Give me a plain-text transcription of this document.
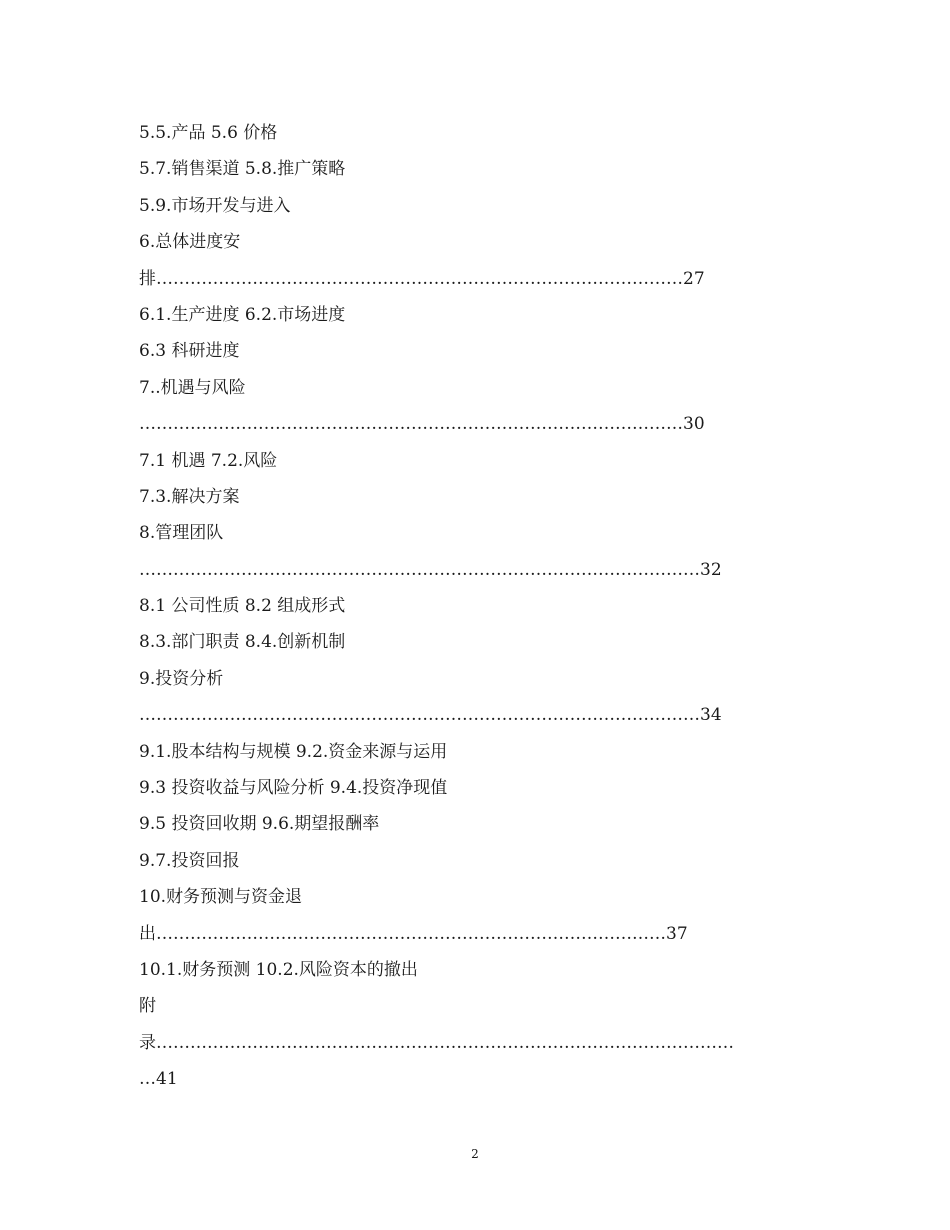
5.5.产品 5.6 价格
5.7.销售渠道 5.8.推广策略
5.9.市场开发与进入
6.总体进度安
排…………………………………………………………………………………27
6.1.生产进度 6.2.市场进度
6.3 科研进度
7..机遇与风险
……………………………………………………………………………………30
7.1 机遇 7.2.风险
7.3.解决方案
8.管理团队
………………………………………………………………………………………32
8.1 公司性质 8.2 组成形式
8.3.部门职责 8.4.创新机制
9.投资分析
………………………………………………………………………………………34
9.1.股本结构与规模 9.2.资金来源与运用
9.3 投资收益与风险分析 9.4.投资净现值
9.5 投资回收期 9.6.期望报酬率
9.7.投资回报
10.财务预测与资金退
出………………………………………………………………………………37
10.1.财务预测 10.2.风险资本的撤出
附
录…………………………………………………………………………………………
…41
2
